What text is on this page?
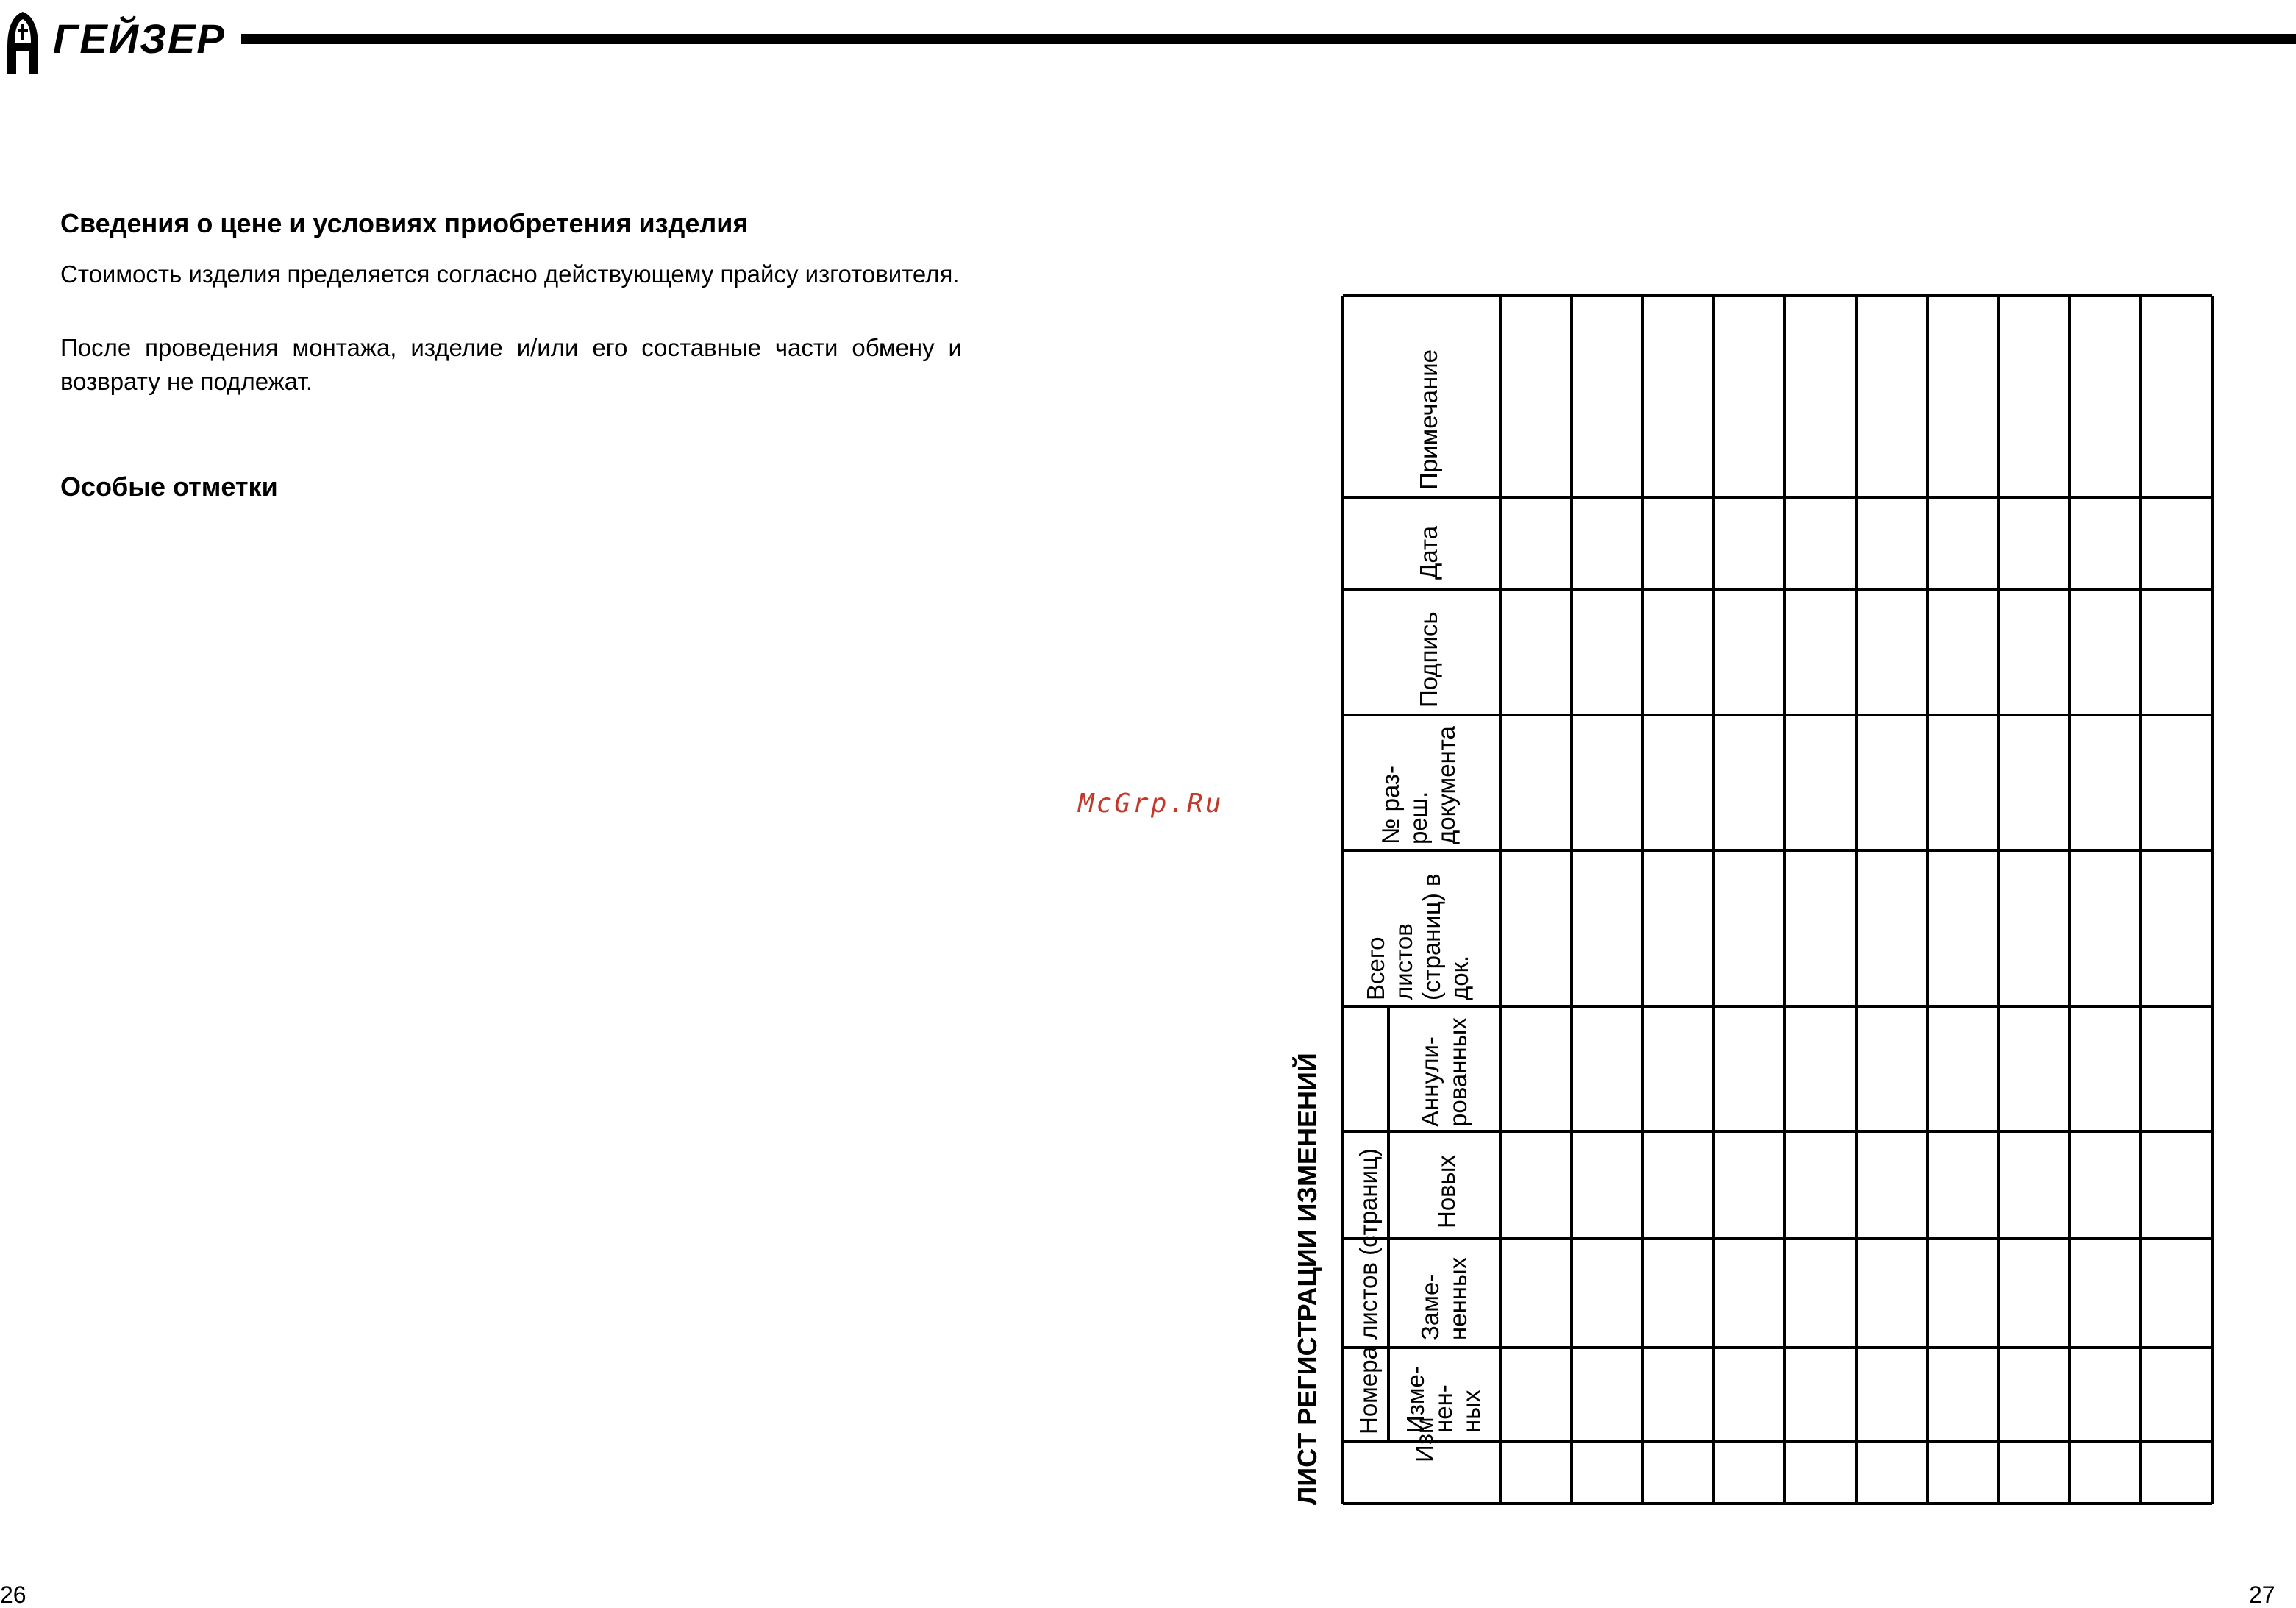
ГЕЙЗЕР
Сведения о цене и условиях приобретения изделия
Стоимость изделия пределяется согласно действующему прайсу изготовителя.
После проведения монтажа, изделие и/или его составные части обмену и возврату не подлежат.
Особые отметки
McGrp.Ru
26	27
ЛИСТ РЕГИСТРАЦИИ ИЗМЕНЕНИЙ Номера листов (страниц)
Изм
Изме- нен- ных
Заме- ненных
Новых
Аннули- рованных
Всего листов (страниц) в док.
№ раз- реш. документа
Подпись
Дата
Примечание
